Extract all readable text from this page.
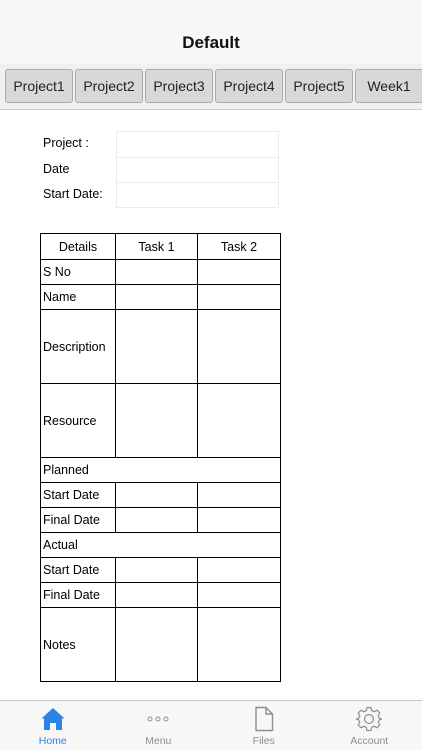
Default
Project1	Project2	Project3	Project4	Project5	Week1
Project :
Date
Start Date:
Details	Task 1	Task 2
S No		
Name		
Description		
Resource		
Planned		
Start Date		
Final Date		
Actual		
Start Date		
Final Date		
Notes		
Home	Menu	Files	Account
